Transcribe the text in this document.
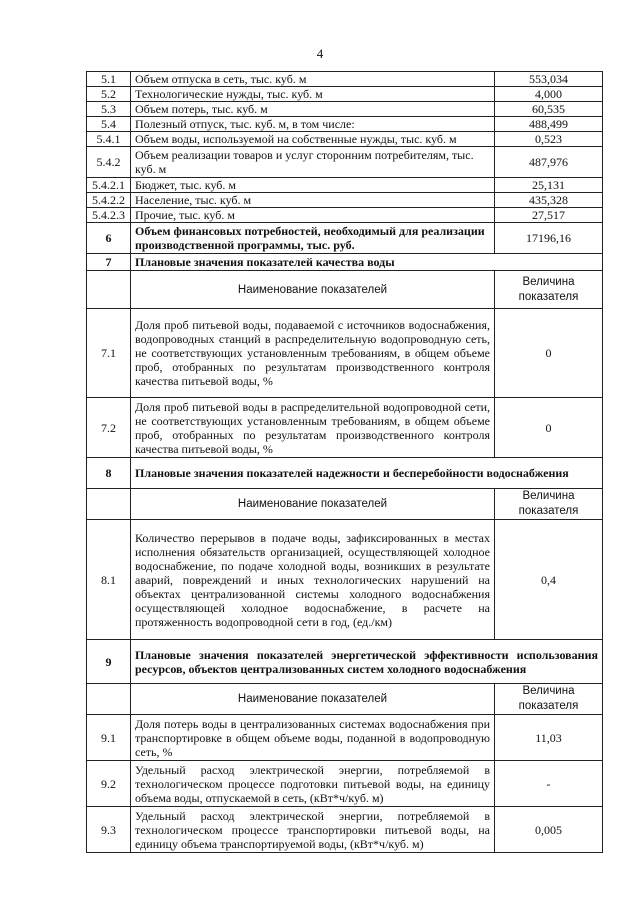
4
5.1	Объем отпуска в сеть, тыс. куб. м	553,034
5.2	Технологические нужды, тыс. куб. м	4,000
5.3	Объем потерь, тыс. куб. м	60,535
5.4	Полезный отпуск, тыс. куб. м, в том числе:	488,499
5.4.1	Объем воды, используемой на собственные нужды, тыс. куб. м	0,523
5.4.2	Объем реализации товаров и услуг сторонним потребителям, тыс. куб. м	487,976
5.4.2.1	Бюджет, тыс. куб. м	25,131
5.4.2.2	Население, тыс. куб. м	435,328
5.4.2.3	Прочие, тыс. куб. м	27,517
6	Объем финансовых потребностей, необходимый для реализации производственной программы, тыс. руб.	17196,16
7	Плановые значения показателей качества воды	
	Наименование показателей	Величина показателя
7.1	Доля проб питьевой воды, подаваемой с источников водоснабжения, водопроводных станций в распределительную водопроводную сеть, не соответствующих установленным требованиям, в общем объеме проб, отобранных по результатам производственного контроля качества питьевой воды, %	0
7.2	Доля проб питьевой воды в распределительной водопроводной сети, не соответствующих установленным требованиям, в общем объеме проб, отобранных по результатам производственного контроля качества питьевой воды, %	0
8	Плановые значения показателей надежности и бесперебойности водоснабжения	
	Наименование показателей	Величина показателя
8.1	Количество перерывов в подаче воды, зафиксированных в местах исполнения обязательств организацией, осуществляющей холодное водоснабжение, по подаче холодной воды, возникших в результате аварий, повреждений и иных технологических нарушений на объектах централизованной системы холодного водоснабжения осуществляющей холодное водоснабжение, в расчете на протяженность водопроводной сети в год, (ед./км)	0,4
9	Плановые значения показателей энергетической эффективности использования ресурсов, объектов централизованных систем холодного водоснабжения	
	Наименование показателей	Величина показателя
9.1	Доля потерь воды в централизованных системах водоснабжения при транспортировке в общем объеме воды, поданной в водопроводную сеть, %	11,03
9.2	Удельный расход электрической энергии, потребляемой в технологическом процессе подготовки питьевой воды, на единицу объема воды, отпускаемой в сеть, (кВт*ч/куб. м)	-
9.3	Удельный расход электрической энергии, потребляемой в технологическом процессе транспортировки питьевой воды, на единицу объема транспортируемой воды, (кВт*ч/куб. м)	0,005
